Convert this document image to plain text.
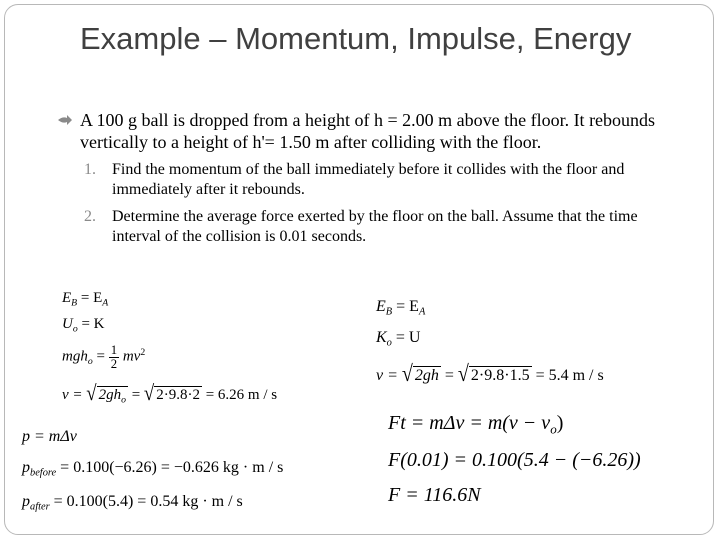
Example – Momentum, Impulse, Energy
A 100 g ball is dropped from a height of h = 2.00 m above the floor. It rebounds vertically to a height of h'= 1.50 m after colliding with the floor.
1. Find the momentum of the ball immediately before it collides with the floor and immediately after it rebounds.
2. Determine the average force exerted by the floor on the ball. Assume that the time interval of the collision is 0.01 seconds.
$E_B = E_A$
$U_o = K$
$mgh_o = \frac{1}{2} mv^2$
v = √ $2gh_o$ = √ 2·9.8·2 = 6.26 m / s
p = mΔv
$p_{before} = 0.100(-6.26) = -0.626$ kg · m / s
$p_{after} = 0.100(5.4) = 0.54$ kg · m / s
$E_B = E_A$
$K_o = U$
v = √ 2gh = √ 2·9.8·1.5 = 5.4 m / s
$Ft = m\Delta v = m(v - v_o)$
F(0.01) = 0.100(5.4 − (−6.26))
F = 116.6N
